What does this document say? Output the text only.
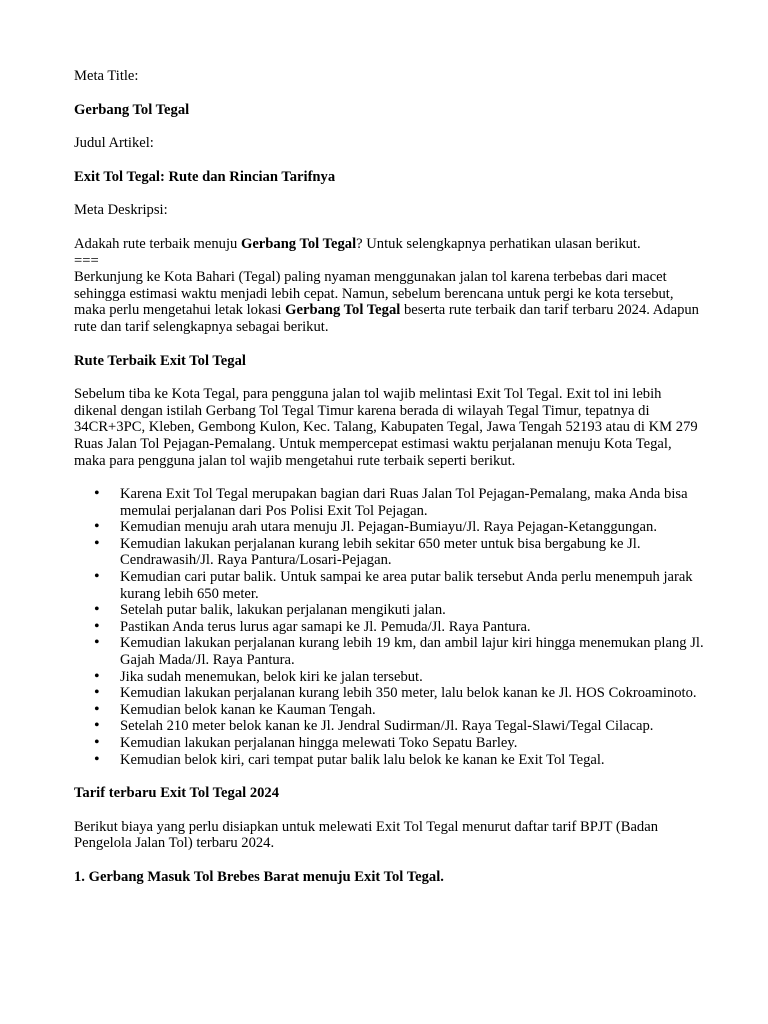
Meta Title:

Gerbang Tol Tegal

Judul Artikel:

Exit Tol Tegal: Rute dan Rincian Tarifnya

Meta Deskripsi:

Adakah rute terbaik menuju Gerbang Tol Tegal? Untuk selengkapnya perhatikan ulasan berikut.

===

Berkunjung ke Kota Bahari (Tegal) paling nyaman menggunakan jalan tol karena terbebas dari macet sehingga estimasi waktu menjadi lebih cepat. Namun, sebelum berencana untuk pergi ke kota tersebut, maka perlu mengetahui letak lokasi Gerbang Tol Tegal beserta rute terbaik dan tarif terbaru 2024. Adapun rute dan tarif selengkapnya sebagai berikut.

Rute Terbaik Exit Tol Tegal

Sebelum tiba ke Kota Tegal, para pengguna jalan tol wajib melintasi Exit Tol Tegal. Exit tol ini lebih dikenal dengan istilah Gerbang Tol Tegal Timur karena berada di wilayah Tegal Timur, tepatnya di 34CR+3PC, Kleben, Gembong Kulon, Kec. Talang, Kabupaten Tegal, Jawa Tengah 52193 atau di KM 279 Ruas Jalan Tol Pejagan-Pemalang. Untuk mempercepat estimasi waktu perjalanan menuju Kota Tegal, maka para pengguna jalan tol wajib mengetahui rute terbaik seperti berikut.

• Karena Exit Tol Tegal merupakan bagian dari Ruas Jalan Tol Pejagan-Pemalang, maka Anda bisa memulai perjalanan dari Pos Polisi Exit Tol Pejagan.
• Kemudian menuju arah utara menuju Jl. Pejagan-Bumiayu/Jl. Raya Pejagan-Ketanggungan.
• Kemudian lakukan perjalanan kurang lebih sekitar 650 meter untuk bisa bergabung ke Jl. Cendrawasih/Jl. Raya Pantura/Losari-Pejagan.
• Kemudian cari putar balik. Untuk sampai ke area putar balik tersebut Anda perlu menempuh jarak kurang lebih 650 meter.
• Setelah putar balik, lakukan perjalanan mengikuti jalan.
• Pastikan Anda terus lurus agar samapi ke Jl. Pemuda/Jl. Raya Pantura.
• Kemudian lakukan perjalanan kurang lebih 19 km, dan ambil lajur kiri hingga menemukan plang Jl. Gajah Mada/Jl. Raya Pantura.
• Jika sudah menemukan, belok kiri ke jalan tersebut.
• Kemudian lakukan perjalanan kurang lebih 350 meter, lalu belok kanan ke Jl. HOS Cokroaminoto.
• Kemudian belok kanan ke Kauman Tengah.
• Setelah 210 meter belok kanan ke Jl. Jendral Sudirman/Jl. Raya Tegal-Slawi/Tegal Cilacap.
• Kemudian lakukan perjalanan hingga melewati Toko Sepatu Barley.
• Kemudian belok kiri, cari tempat putar balik lalu belok ke kanan ke Exit Tol Tegal.

Tarif terbaru Exit Tol Tegal 2024

Berikut biaya yang perlu disiapkan untuk melewati Exit Tol Tegal menurut daftar tarif BPJT (Badan Pengelola Jalan Tol) terbaru 2024.

1. Gerbang Masuk Tol Brebes Barat menuju Exit Tol Tegal.
